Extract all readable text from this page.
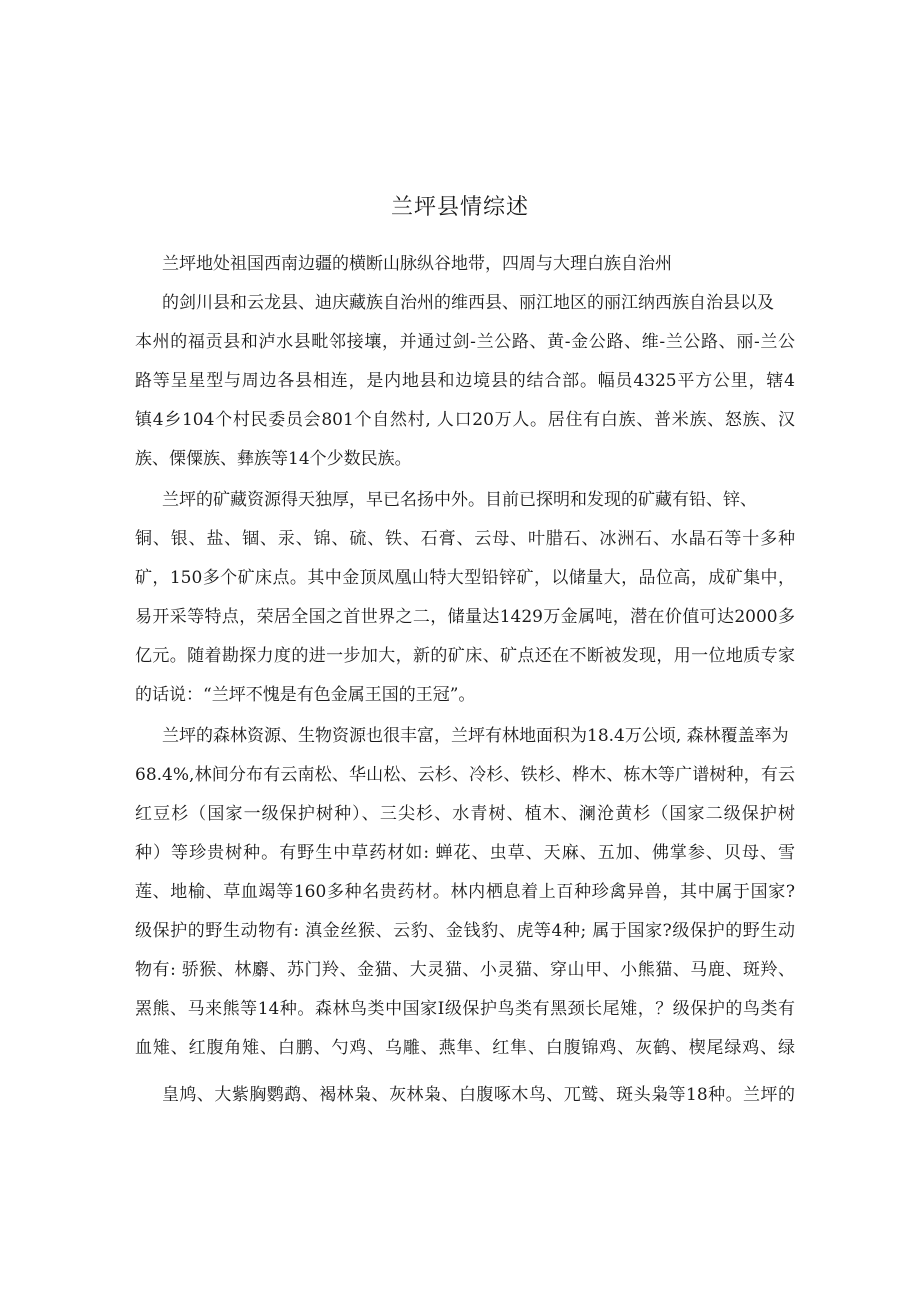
兰坪县情综述
兰坪地处祖国西南边疆的横断山脉纵谷地带，四周与大理白族自治州
的剑川县和云龙县、迪庆藏族自治州的维西县、丽江地区的丽江纳西族自治县以及
本州的福贡县和泸水县毗邻接壤，并通过剑-兰公路、黄-金公路、维-兰公路、丽-兰公
路等呈星型与周边各县相连，是内地县和边境县的结合部。幅员4325平方公里，辖4
镇4乡104个村民委员会801个自然村, 人口20万人。居住有白族、普米族、怒族、汉
族、傈僳族、彝族等14个少数民族。
兰坪的矿藏资源得天独厚，早已名扬中外。目前已探明和发现的矿藏有铅、锌、
铜、银、盐、锢、汞、锦、硫、铁、石膏、云母、叶腊石、冰洲石、水晶石等十多种
矿，150多个矿床点。其中金顶凤凰山特大型铅锌矿，以储量大，品位高，成矿集中，
易开采等特点，荣居全国之首世界之二，储量达1429万金属吨，潜在价值可达2000多
亿元。随着勘探力度的进一步加大，新的矿床、矿点还在不断被发现，用一位地质专家
的话说：“兰坪不愧是有色金属王国的王冠”。
兰坪的森林资源、生物资源也很丰富，兰坪有林地面积为18.4万公顷, 森林覆盖率为
68.4%,林间分布有云南松、华山松、云杉、冷杉、铁杉、桦木、栋木等广谱树种，有云
红豆杉（国家一级保护树种）、三尖杉、水青树、植木、澜沧黄杉（国家二级保护树
种）等珍贵树种。有野生中草药材如: 蝉花、虫草、天麻、五加、佛掌参、贝母、雪
莲、地榆、草血竭等160多种名贵药材。林内栖息着上百种珍禽异兽，其中属于国家?
级保护的野生动物有: 滇金丝猴、云豹、金钱豹、虎等4种; 属于国家?级保护的野生动
物有: 骄猴、林麝、苏门羚、金猫、大灵猫、小灵猫、穿山甲、小熊猫、马鹿、斑羚、
罴熊、马来熊等14种。森林鸟类中国家I级保护鸟类有黑颈长尾雉，？级保护的鸟类有
血雉、红腹角雉、白鹏、勺鸡、乌雕、燕隼、红隼、白腹锦鸡、灰鹤、楔尾绿鸡、绿
皇鸠、大紫胸鹦鹉、褐林枭、灰林枭、白腹啄木鸟、兀鹫、斑头枭等18种。兰坪的
